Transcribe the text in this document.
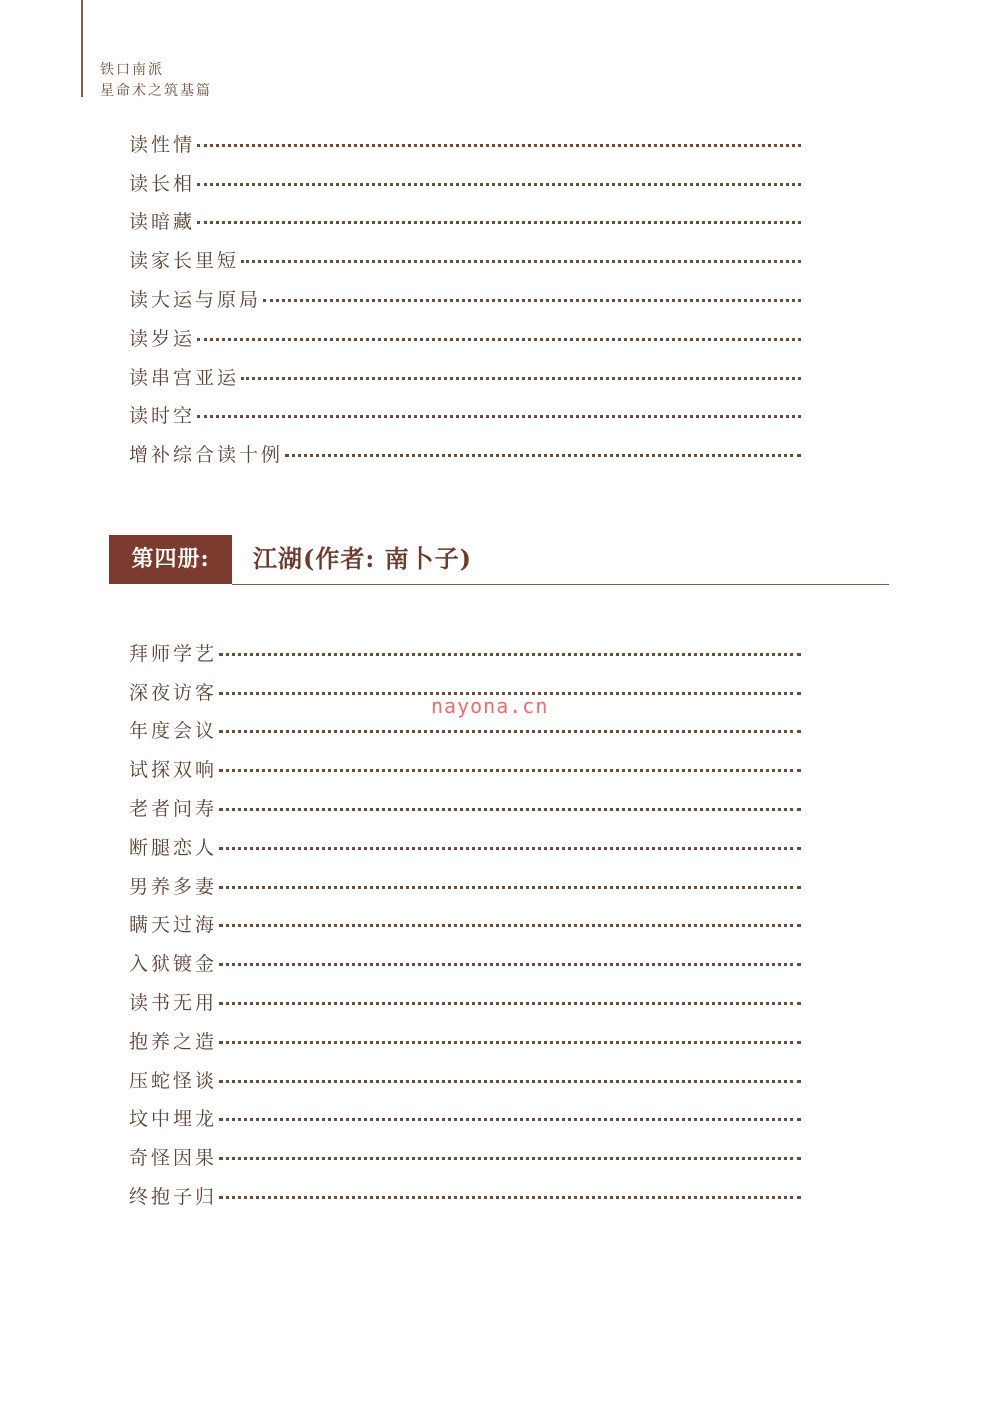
铁口南派
星命术之筑基篇
读性情
读长相
读暗藏
读家长里短
读大运与原局
读岁运
读串宫亚运
读时空
增补综合读十例
第四册:	江湖(作者: 南卜子)
拜师学艺
深夜访客
年度会议
试探双响
老者问寿
断腿恋人
男养多妻
瞒天过海
入狱镀金
读书无用
抱养之造
压蛇怪谈
坟中埋龙
奇怪因果
终抱子归
nayona.cn
